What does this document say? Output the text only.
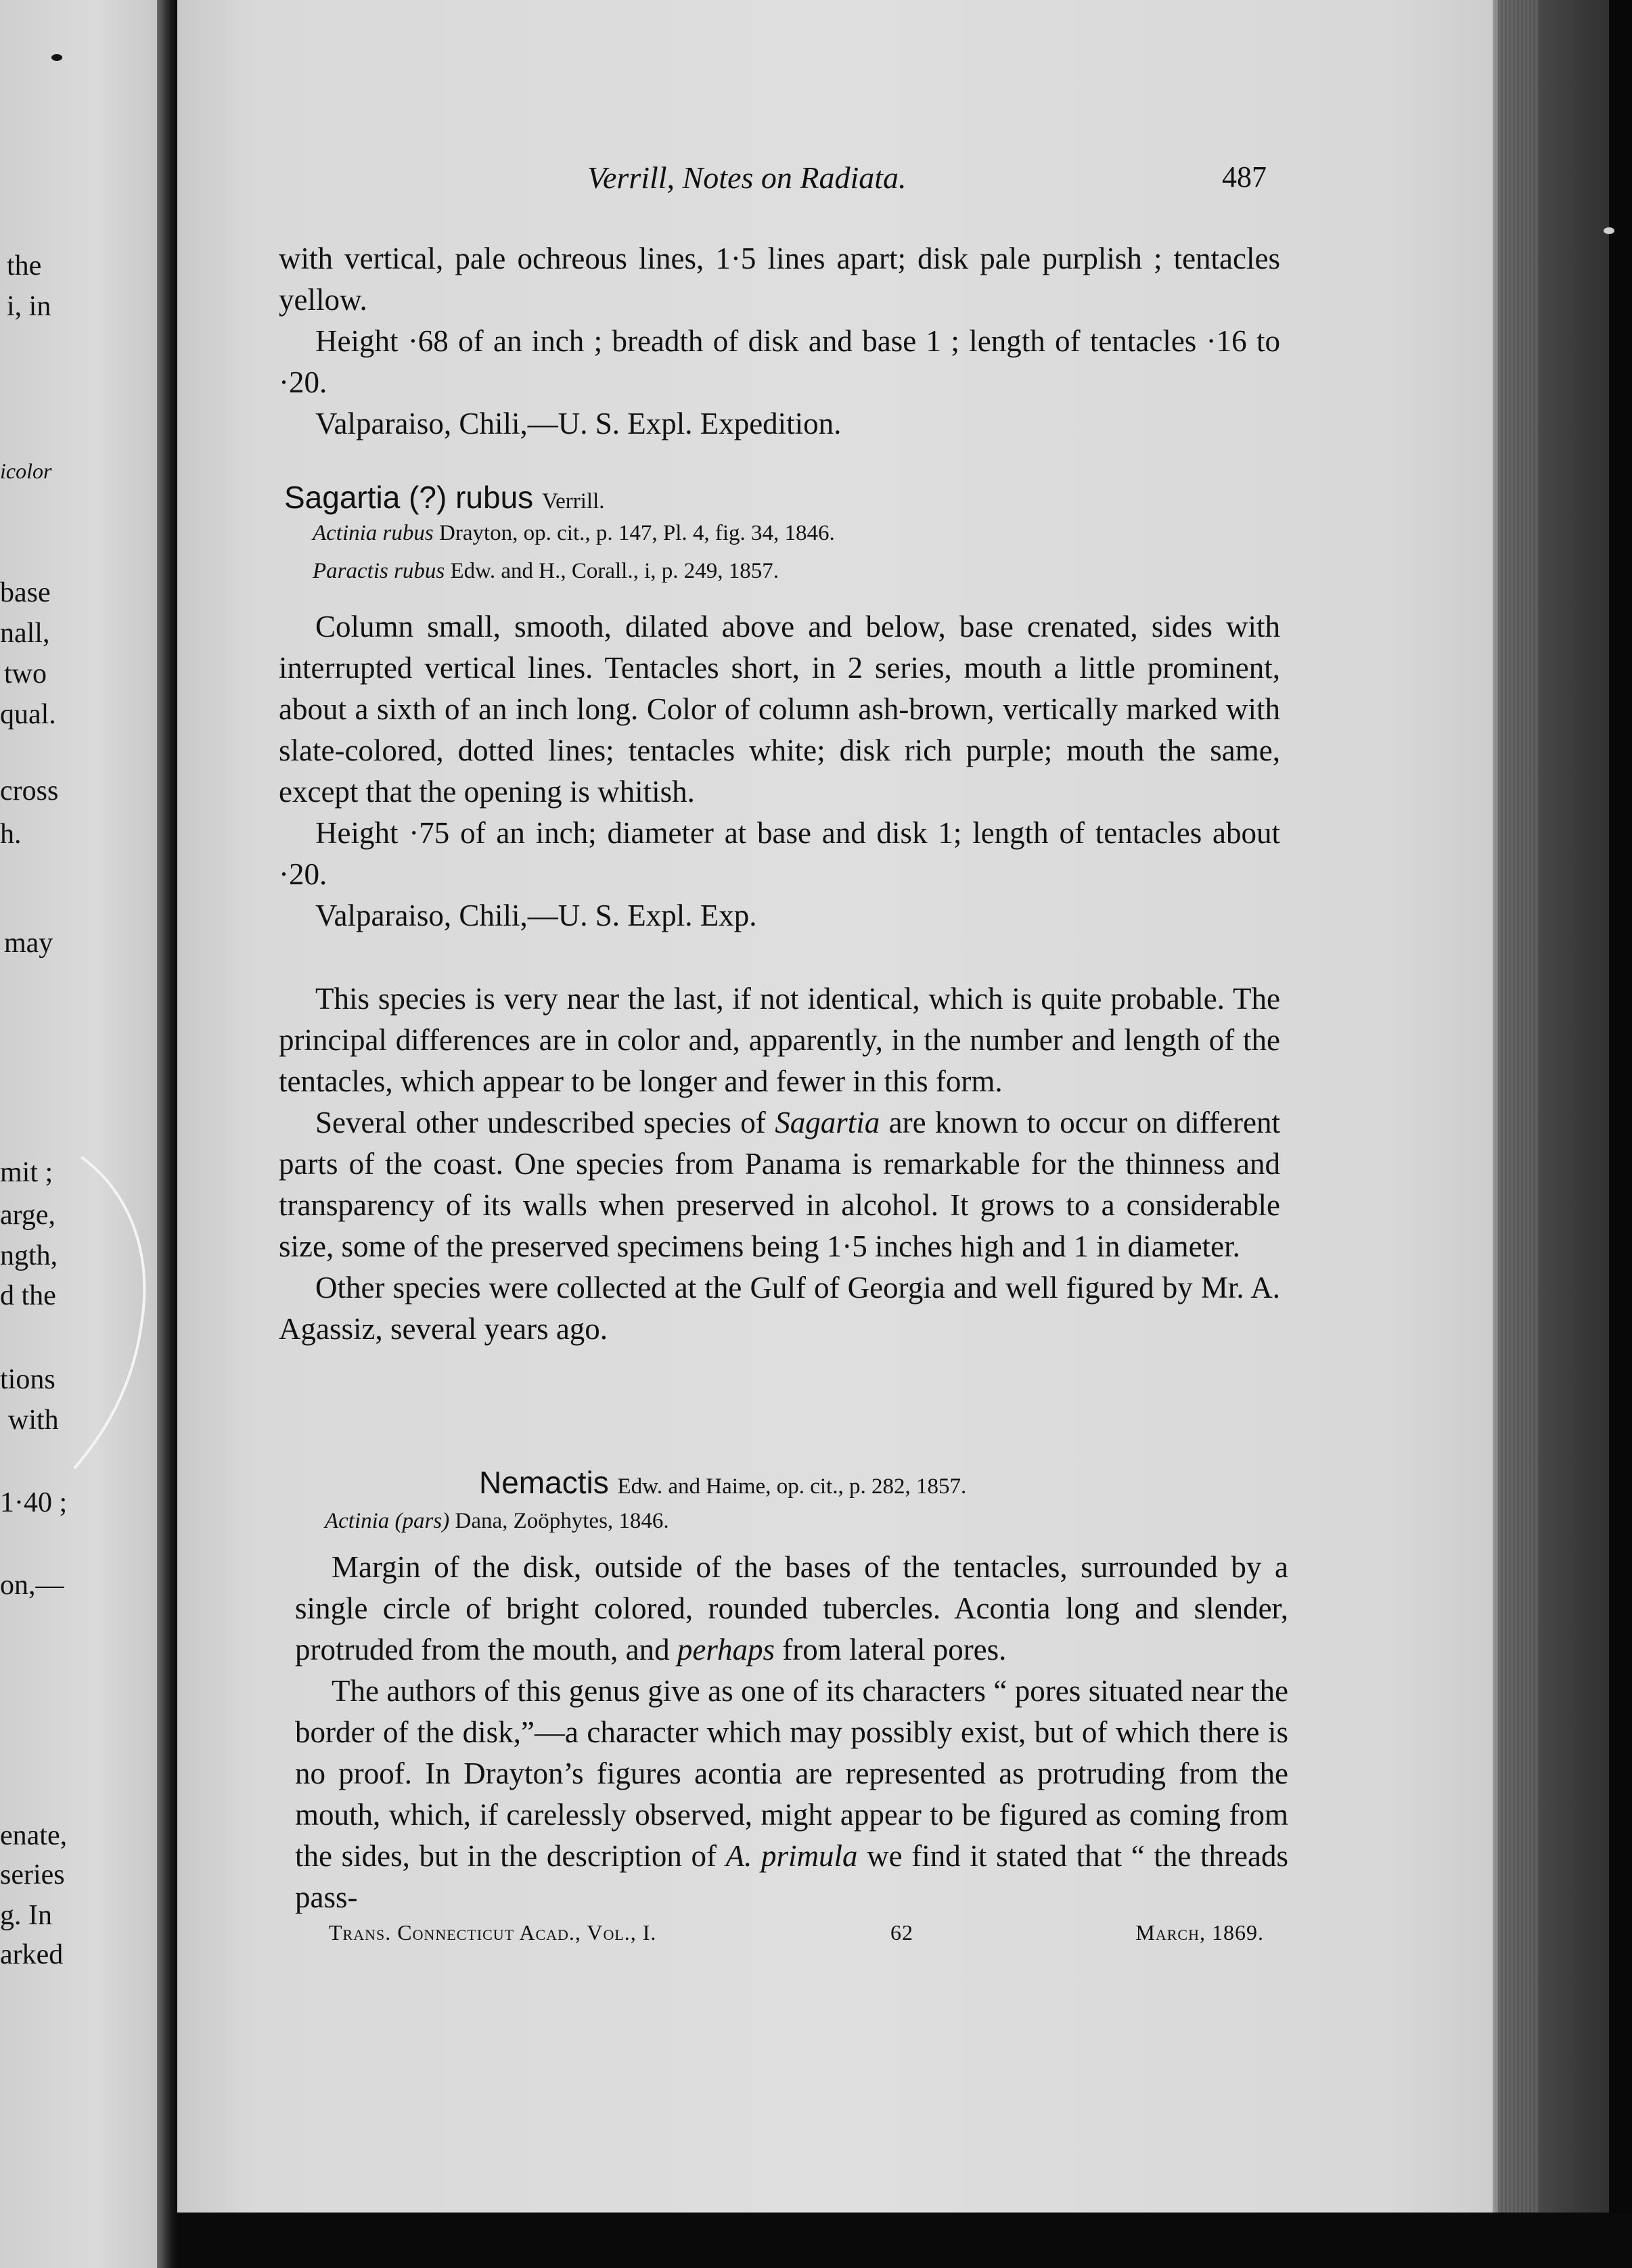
the
i, in
icolor
base
nall,
two
qual.
cross
h.
may
mit ;
arge,
ngth,
d the
tions
with
1·40 ;
on,—
enate,
series
g. In
arked
Verrill, Notes on Radiata.	487

with vertical, pale ochreous lines, 1·5 lines apart; disk pale purplish ; tentacles yellow.

Height ·68 of an inch ; breadth of disk and base 1 ; length of tentacles ·16 to ·20.

Valparaiso, Chili,—U. S. Expl. Expedition.

Sagartia (?) rubus Verrill.
Actinia rubus Drayton, op. cit., p. 147, Pl. 4, fig. 34, 1846.
Paractis rubus Edw. and H., Corall., i, p. 249, 1857.

Column small, smooth, dilated above and below, base crenated, sides with interrupted vertical lines. Tentacles short, in 2 series, mouth a little prominent, about a sixth of an inch long. Color of column ash-brown, vertically marked with slate-colored, dotted lines; tentacles white; disk rich purple; mouth the same, except that the opening is whitish.

Height ·75 of an inch; diameter at base and disk 1; length of tentacles about ·20.

Valparaiso, Chili,—U. S. Expl. Exp.

This species is very near the last, if not identical, which is quite probable. The principal differences are in color and, apparently, in the number and length of the tentacles, which appear to be longer and fewer in this form.

Several other undescribed species of Sagartia are known to occur on different parts of the coast. One species from Panama is remarkable for the thinness and transparency of its walls when preserved in alcohol. It grows to a considerable size, some of the preserved specimens being 1·5 inches high and 1 in diameter.

Other species were collected at the Gulf of Georgia and well figured by Mr. A. Agassiz, several years ago.

Nemactis Edw. and Haime, op. cit., p. 282, 1857.
Actinia (pars) Dana, Zoöphytes, 1846.

Margin of the disk, outside of the bases of the tentacles, surrounded by a single circle of bright colored, rounded tubercles. Acontia long and slender, protruded from the mouth, and perhaps from lateral pores.

The authors of this genus give as one of its characters “ pores situated near the border of the disk,”—a character which may possibly exist, but of which there is no proof. In Drayton’s figures acontia are represented as protruding from the mouth, which, if carelessly observed, might appear to be figured as coming from the sides, but in the description of A. primula we find it stated that “ the threads pass-

Trans. Connecticut Acad., Vol., I.	62	March, 1869.
